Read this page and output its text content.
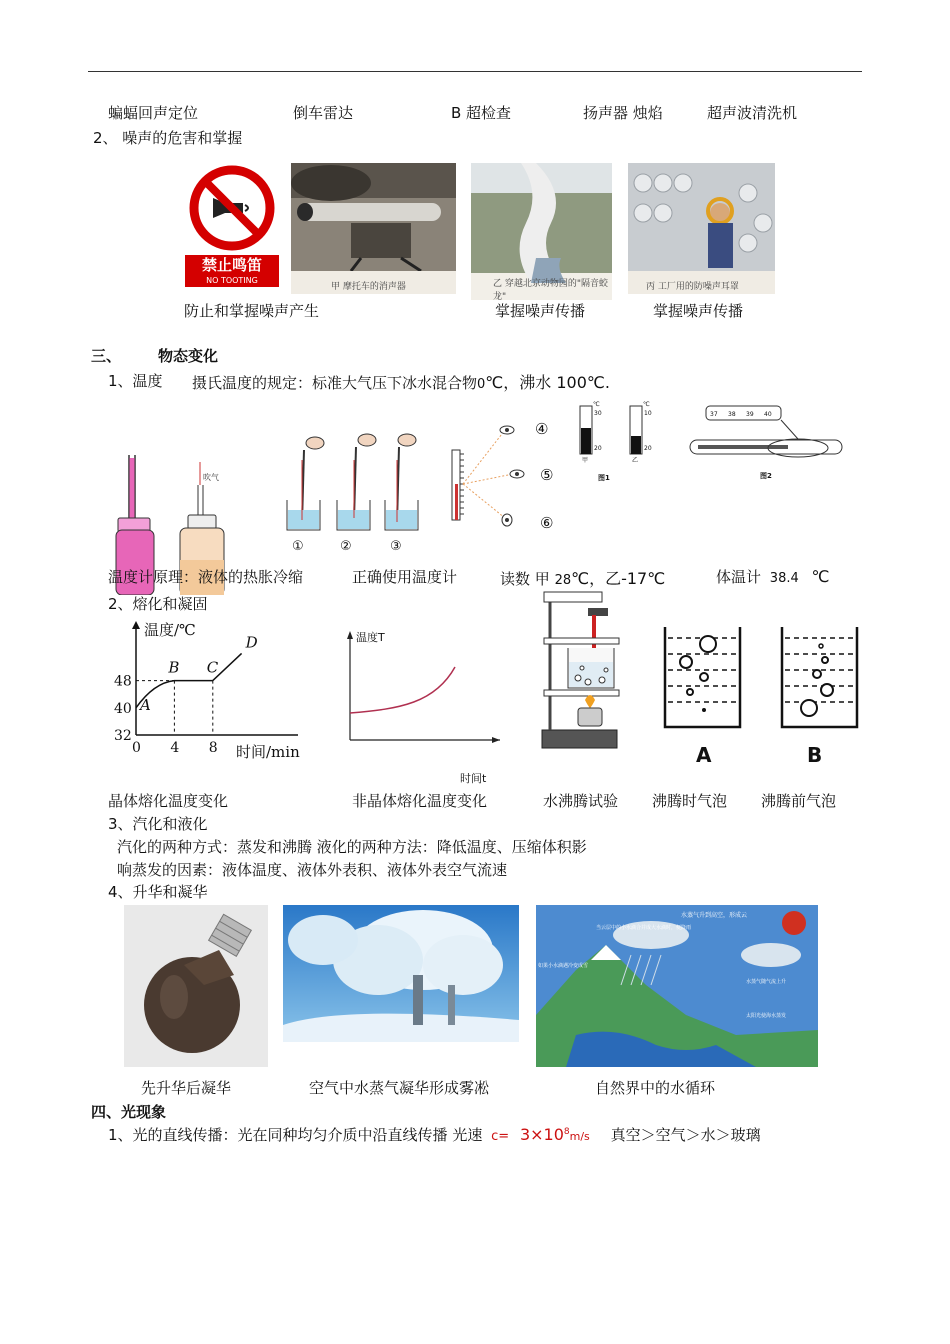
蝙蝠回声定位	倒车雷达	B 超检查	扬声器 烛焰	超声波清洗机
2、 噪声的危害和掌握
禁止鸣笛
NO TOOTING
甲 摩托车的消声器	乙 穿越北京动物园的"隔音蛟龙"
丙 工厂用的防噪声耳罩
防止和掌握噪声产生	掌握噪声传播	掌握噪声传播
三、 物态变化
1、温度 摄氏温度的规定：标准大气压下冰水混合物0℃，沸水 100℃.
吹气
①	②	③
④
⑤
⑥
℃
30
20
甲
℃
10
20
乙
图1
37 38 39 40
图2
温度计原理：液体的热胀冷缩	正确使用温度计	读数 甲 28℃，乙-17℃	体温计 38.4 ℃
2、熔化和凝固
温度/℃
时间/min
32
40
48
0 4 8
A
B C
D	温度T
时间t
A	B
晶体熔化温度变化	非晶体熔化温度变化	水沸腾试验 沸腾时气泡 沸腾前气泡
3、汽化和液化
汽化的两种方式：蒸发和沸腾 液化的两种方法：降低温度、压缩体积影
响蒸发的因素：液体温度、液体外表积、液体外表空气流速
4、升华和凝华
水蒸气升到高空，形成云
当云层中的小水滴合并成大水滴时，便降雨
如果小水滴遇冷变成雪
水蒸气随气流上升
太阳光使海水蒸发
先升华后凝华	空气中水蒸气凝华形成雾凇	自然界中的水循环
四、光现象
1、光的直线传播：光在同种均匀介质中沿直线传播 光速 $c= 3\times 10^8m/s$ 真空＞空气＞水＞玻璃
